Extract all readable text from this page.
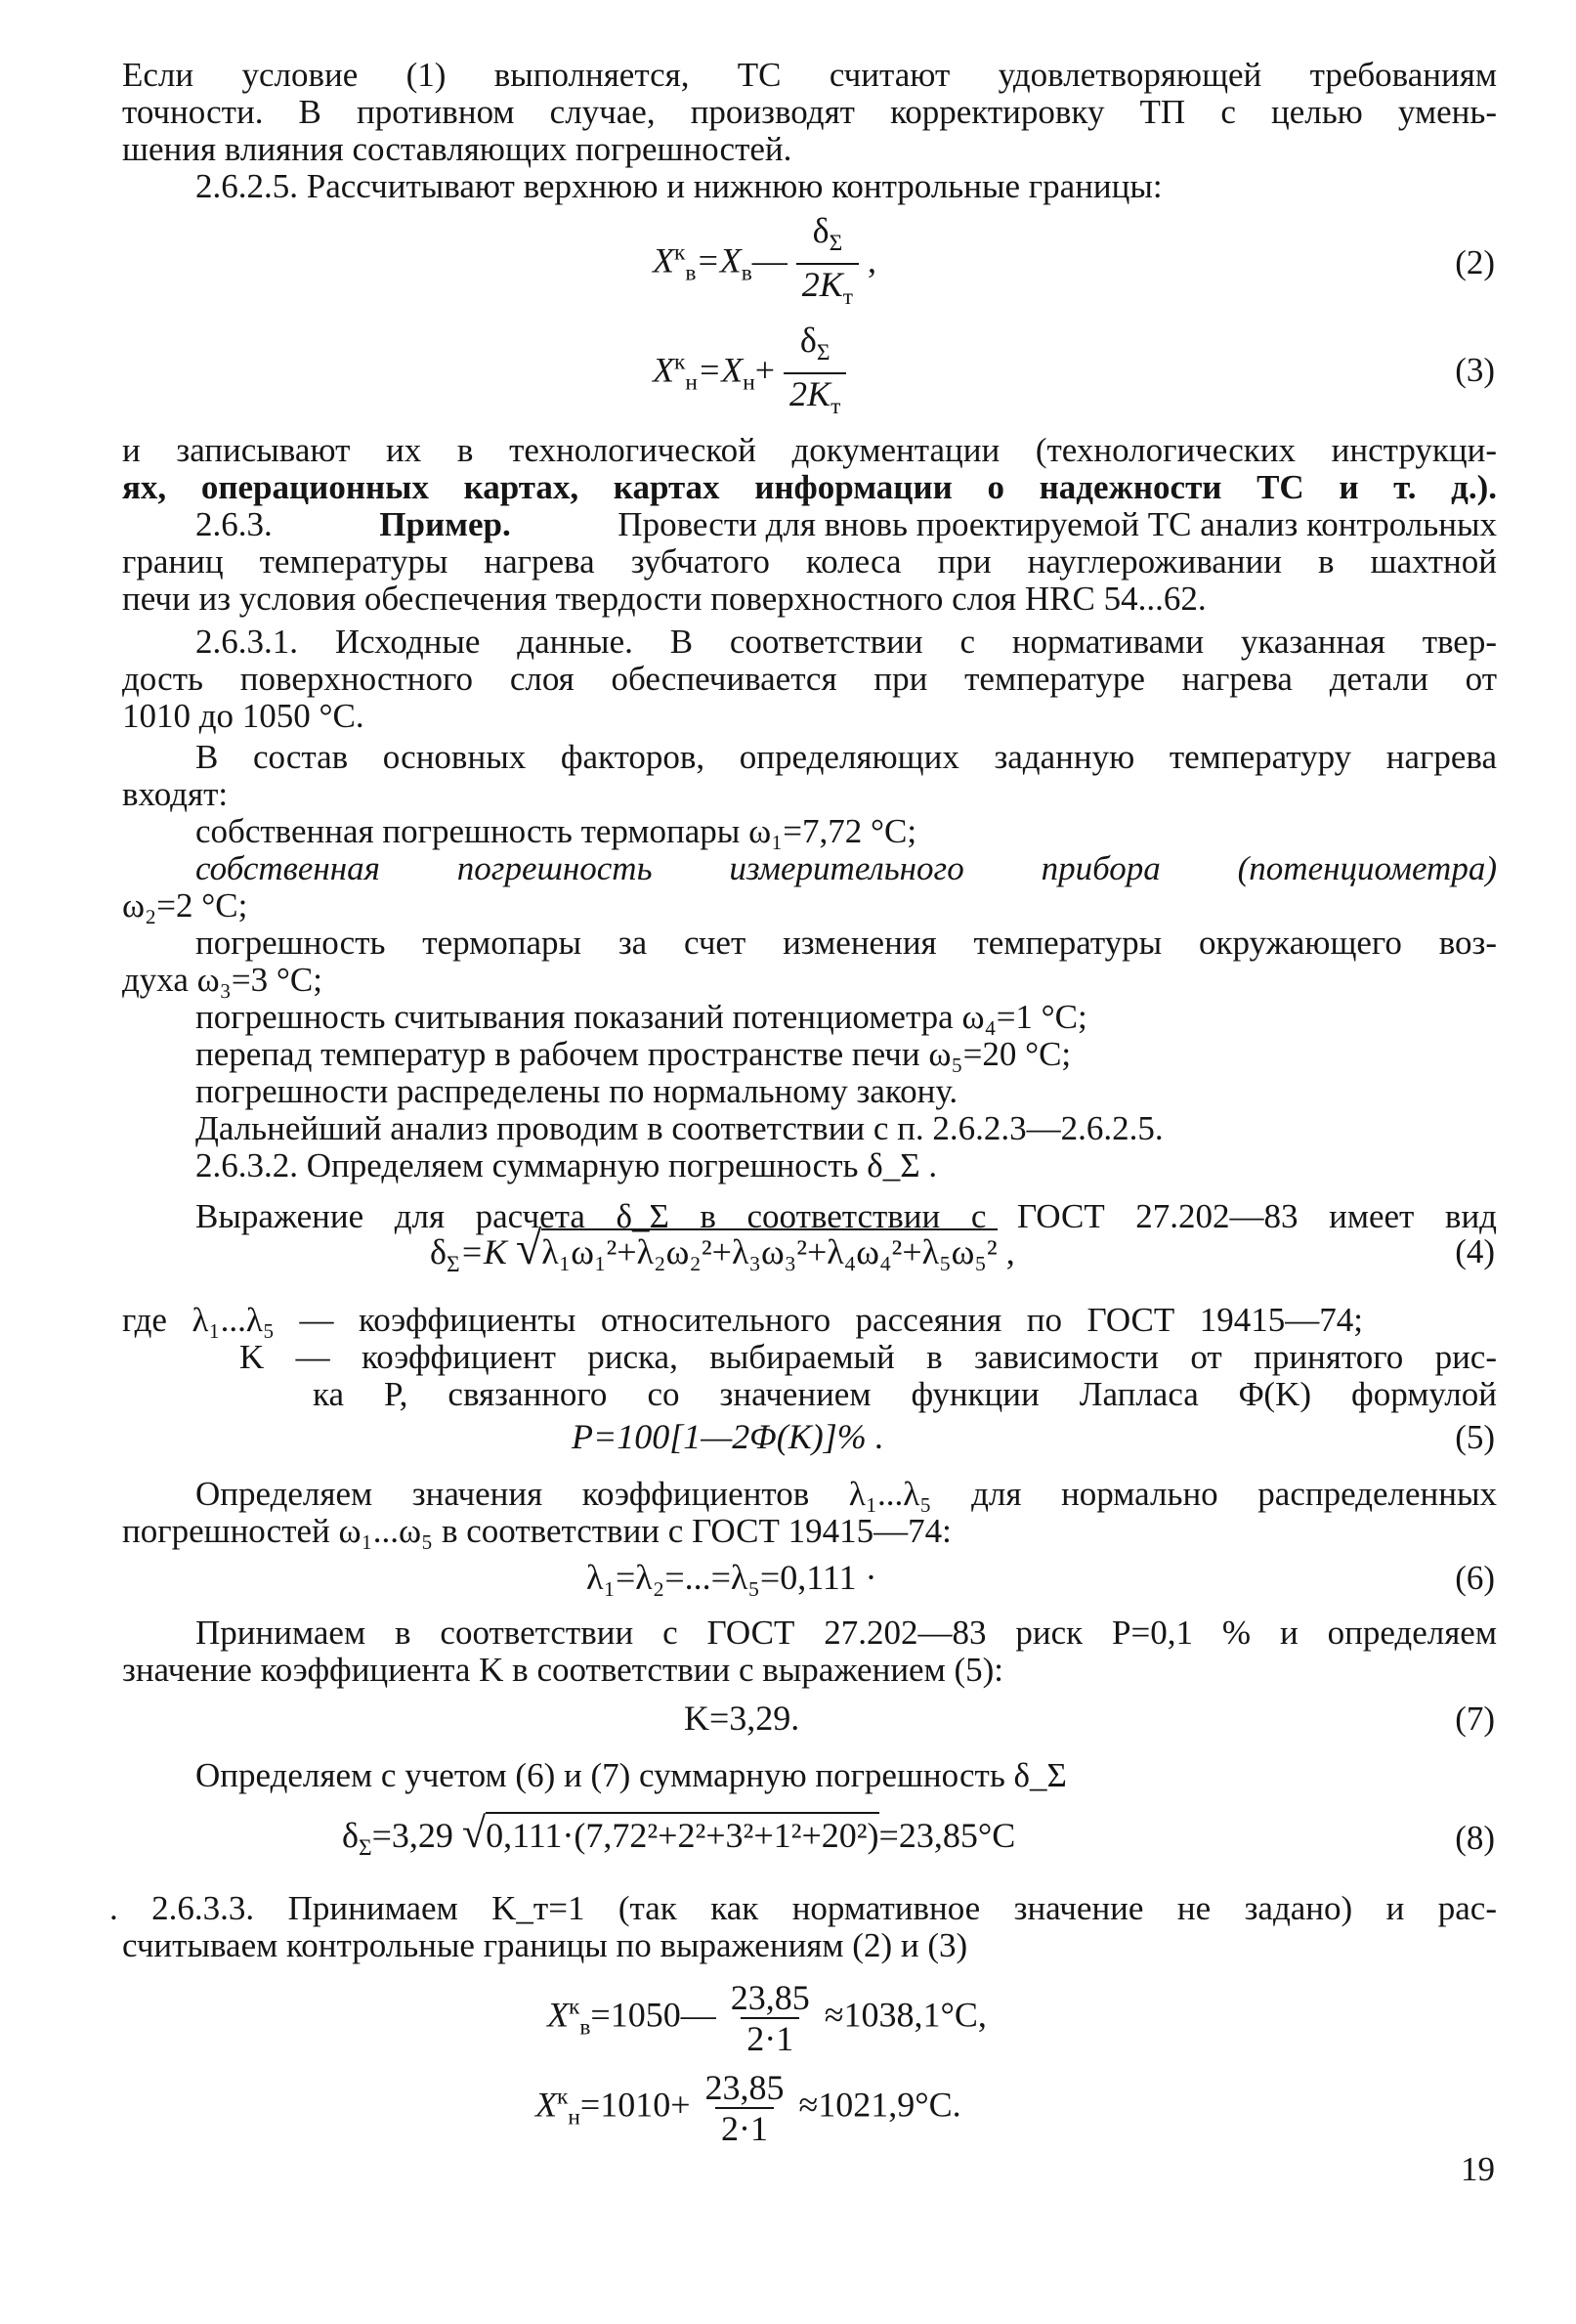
Если условие (1) выполняется, ТС считают удовлетворяющей требованиям
точности. В противном случае, производят корректировку ТП с целью умень-
шения влияния составляющих погрешностей.
2.6.2.5. Рассчитывают верхнюю и нижнюю контрольные границы:
$X^к_в=X_в—$
$\delta_\Sigma$
$2K_т$
,	(2)
$X^к_н=X_н+$
$\delta_\Sigma$
$2K_т$
(3)
и записывают их в технологической документации (технологических инструкци-
ях, операционных картах, картах информации о надежности ТС и т. д.).
2.6.3.	Пример.	Провести для вновь проектируемой ТС анализ контрольных
границ температуры нагрева зубчатого колеса при науглероживании в шахтной
печи из условия обеспечения твердости поверхностного слоя HRC 54...62.
2.6.3.1. Исходные данные. В соответствии с нормативами указанная твер-
дость поверхностного слоя обеспечивается при температуре нагрева детали от
1010 до 1050 °С.
В состав основных факторов, определяющих заданную температуру нагрева
входят:
собственная погрешность термопары ω₁=7,72 °С;
собственная погрешность измерительного прибора (потенциометра)
ω₂=2 °С;
погрешность термопары за счет изменения температуры окружающего воз-
духа ω₃=3 °С;
погрешность считывания показаний потенциометра ω₄=1 °С;
перепад температур в рабочем пространстве печи ω₅=20 °С;
погрешности распределены по нормальному закону.
Дальнейший анализ проводим в соответствии с п. 2.6.2.3—2.6.2.5.
2.6.3.2. Определяем суммарную погрешность δ_Σ .
Выражение для расчета δ_Σ в соответствии с ГОСТ 27.202—83 имеет вид
$\delta_\Sigma=K$ √λ₁ω₁²+λ₂ω₂²+λ₃ω₃²+λ₄ω₄²+λ₅ω₅² ,	(4)
где λ₁...λ₅ — коэффициенты относительного рассеяния по ГОСТ 19415—74;
K — коэффициент риска, выбираемый в зависимости от принятого рис-
ка P, связанного со значением функции Лапласа Φ(K) формулой
P=100[1—2Φ(K)]% .	(5)
Определяем значения коэффициентов λ₁...λ₅ для нормально распределенных
погрешностей ω₁...ω₅ в соответствии с ГОСТ 19415—74:
λ₁=λ₂=...=λ₅=0,111 ·	(6)
Принимаем в соответствии с ГОСТ 27.202—83 риск P=0,1 % и определяем
значение коэффициента K в соответствии с выражением (5):
K=3,29.	(7)
Определяем с учетом (6) и (7) суммарную погрешность δ_Σ
$\delta_\Sigma=3,29$ √0,111·(7,72²+2²+3²+1²+20²)=23,85°С	(8)
. 2.6.3.3. Принимаем K_т=1 (так как нормативное значение не задано) и рас-
считываем контрольные границы по выражениям (2) и (3)
$X^к_в=1050— \frac{23,85}{2\cdot 1} \approx 1038,1^\circ С$,
$X^к_н=1010+ \frac{23,85}{2\cdot 1} \approx 1021,9^\circ С$.
19
